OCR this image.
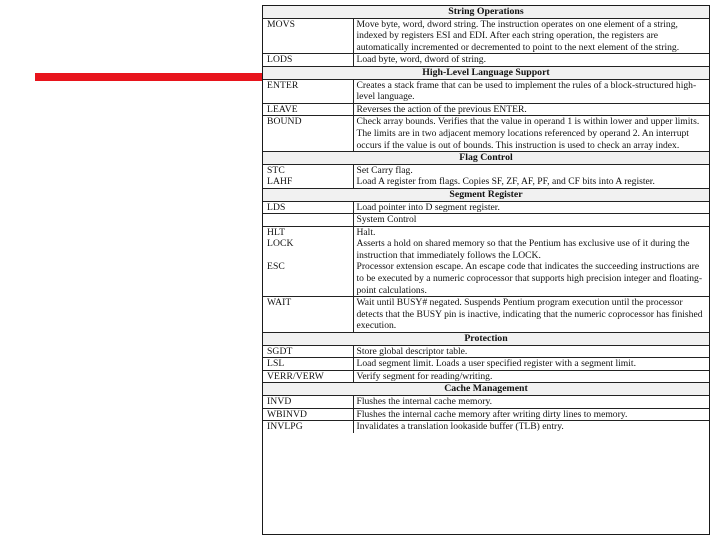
String Operations	
MOVS	Move byte, word, dword string. The instruction operates on one element of a string, indexed by registers ESI and EDI. After each string operation, the registers are automatically incremented or decremented to point to the next element of the string.
LODS	Load byte, word, dword of string.
High-Level Language Support	
ENTER	Creates a stack frame that can be used to implement the rules of a block-structured high-level language.
LEAVE	Reverses the action of the previous ENTER.
BOUND	Check array bounds. Verifies that the value in operand 1 is within lower and upper limits. The limits are in two adjacent memory locations referenced by operand 2. An interrupt occurs if the value is out of bounds. This instruction is used to check an array index.
Flag Control	
STC	Set Carry flag.
LAHF	Load A register from flags. Copies SF, ZF, AF, PF, and CF bits into A register.
Segment Register	
LDS	Load pointer into D segment register.
	System Control
HLT	Halt.
LOCK	Asserts a hold on shared memory so that the Pentium has exclusive use of it during the instruction that immediately follows the LOCK.
ESC	Processor extension escape. An escape code that indicates the succeeding instructions are to be executed by a numeric coprocessor that supports high precision integer and floating-point calculations.
WAIT	Wait until BUSY# negated. Suspends Pentium program execution until the processor detects that the BUSY pin is inactive, indicating that the numeric coprocessor has finished execution.
Protection	
SGDT	Store global descriptor table.
LSL	Load segment limit. Loads a user specified register with a segment limit.
VERR/VERW	Verify segment for reading/writing.
Cache Management	
INVD	Flushes the internal cache memory.
WBINVD	Flushes the internal cache memory after writing dirty lines to memory.
INVLPG	Invalidates a translation lookaside buffer (TLB) entry.
